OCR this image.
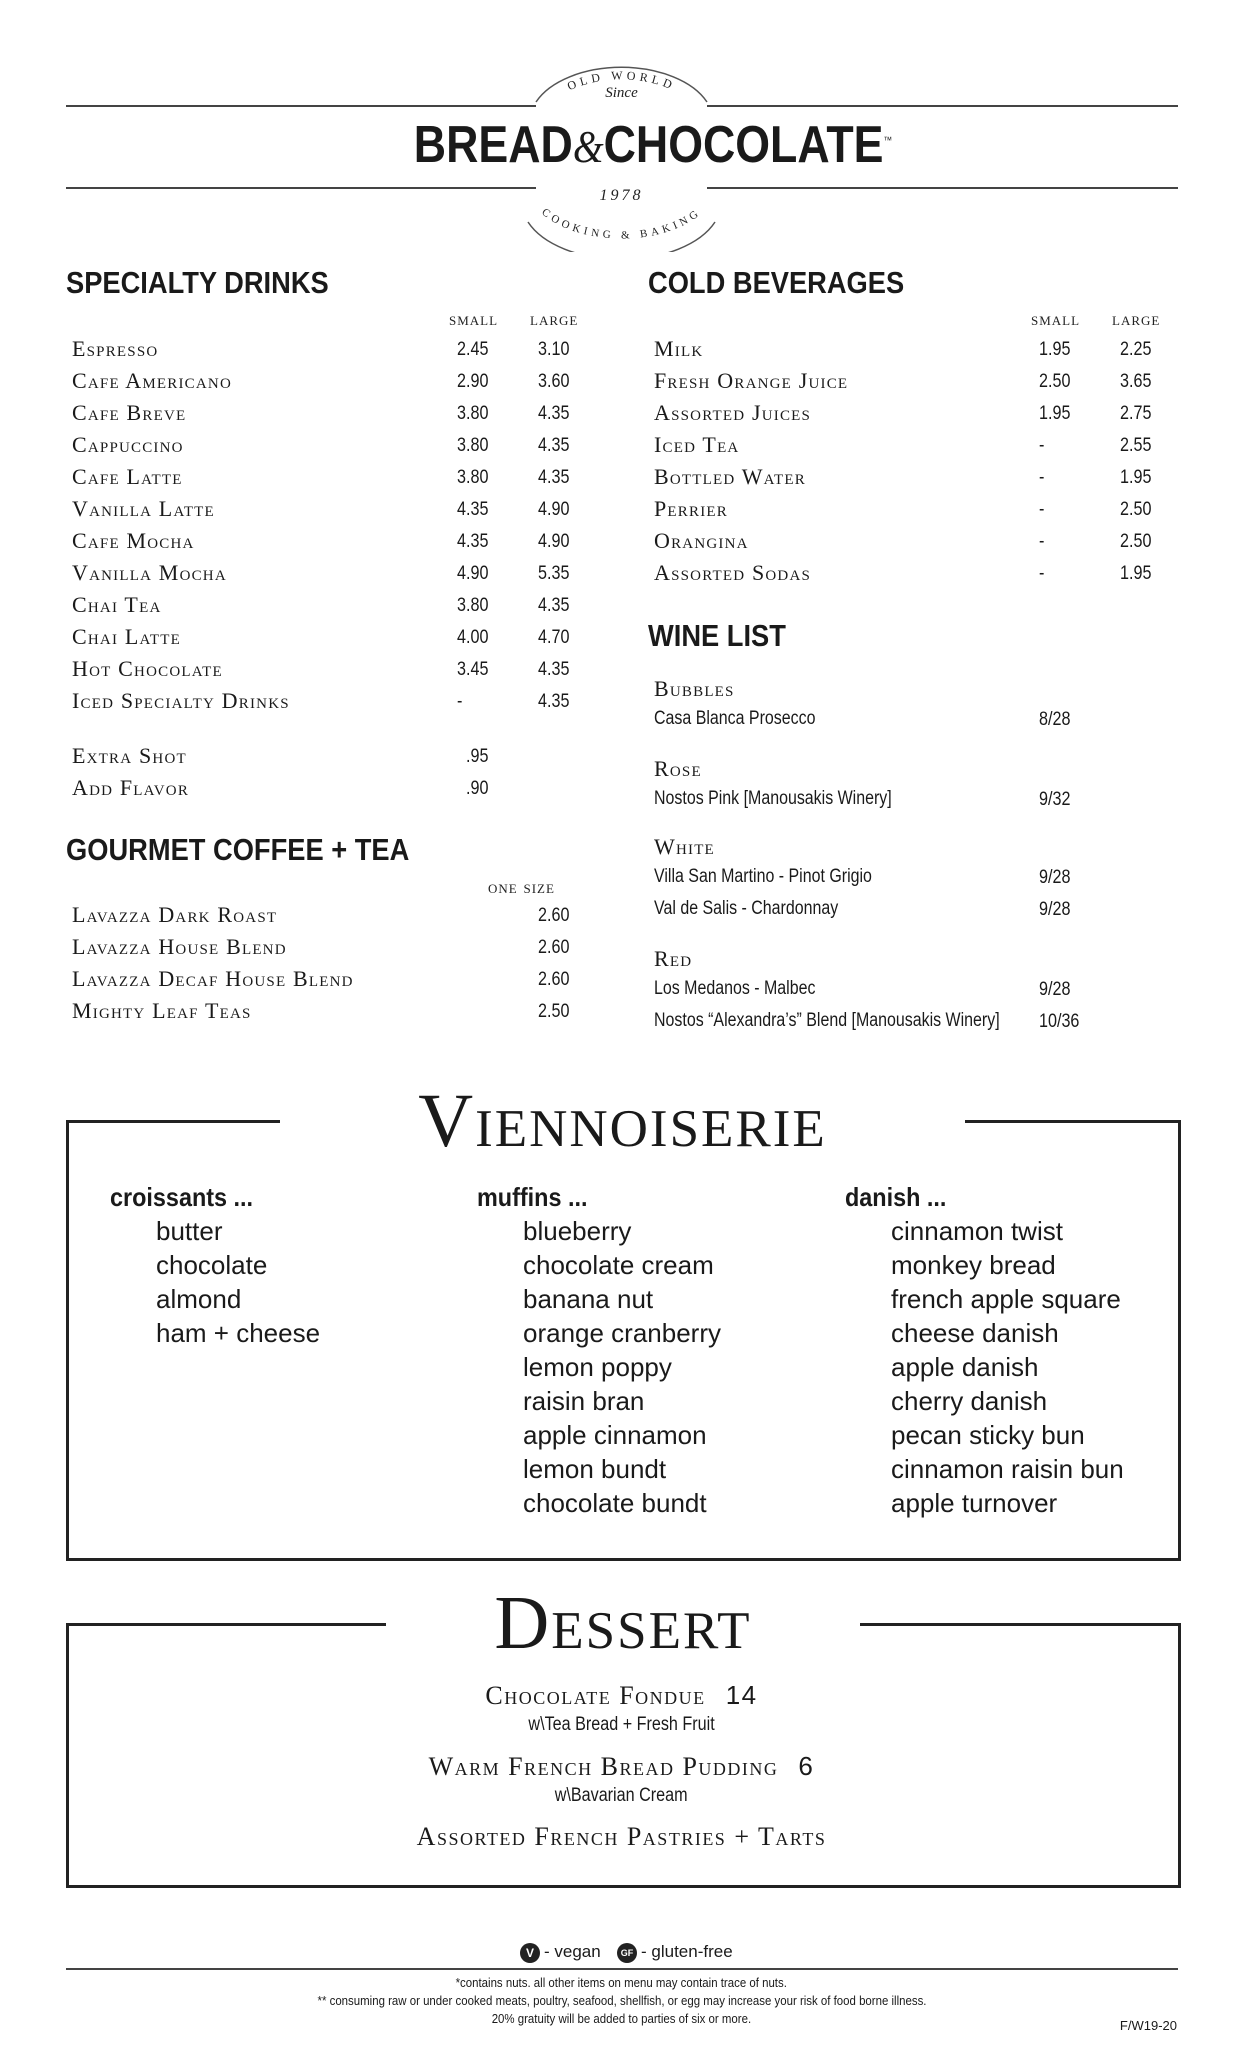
OLD WORLD
Since
1978
COOKING & BAKING
BREAD&CHOCOLATE™
SPECIALTY DRINKS
small large
Espresso	2.45	3.10
Cafe Americano	2.90	3.60
Cafe Breve	3.80	4.35
Cappuccino	3.80	4.35
Cafe Latte	3.80	4.35
Vanilla Latte	4.35	4.90
Cafe Mocha	4.35	4.90
Vanilla Mocha	4.90	5.35
Chai Tea	3.80	4.35
Chai Latte	4.00	4.70
Hot Chocolate	3.45	4.35
Iced Specialty Drinks	-	4.35
Extra Shot	.95
Add Flavor	.90
GOURMET COFFEE + TEA
one size
Lavazza Dark Roast	2.60
Lavazza House Blend	2.60
Lavazza Decaf House Blend	2.60
Mighty Leaf Teas	2.50
COLD BEVERAGES
small large
Milk	1.95	2.25
Fresh Orange Juice	2.50	3.65
Assorted Juices	1.95	2.75
Iced Tea	-	2.55
Bottled Water	-	1.95
Perrier	-	2.50
Orangina	-	2.50
Assorted Sodas	-	1.95
WINE LIST
Bubbles
Casa Blanca Prosecco	8/28
Rose
Nostos Pink [Manousakis Winery]	9/32
White
Villa San Martino - Pinot Grigio	9/28
Val de Salis - Chardonnay	9/28
Red
Los Medanos - Malbec	9/28
Nostos “Alexandra’s” Blend [Manousakis Winery] 10/36
Viennoiserie
croissants ...
butter
chocolate
almond
ham + cheese
muffins ...
blueberry
chocolate cream
banana nut
orange cranberry
lemon poppy
raisin bran
apple cinnamon
lemon bundt
chocolate bundt
danish ...
cinnamon twist
monkey bread
french apple square
cheese danish
apple danish
cherry danish
pecan sticky bun
cinnamon raisin bun
apple turnover
Dessert
Chocolate Fondue 14
w\Tea Bread + Fresh Fruit
Warm French Bread Pudding 6
w\Bavarian Cream
Assorted French Pastries + Tarts
V - vegan	GF - gluten-free
*contains nuts. all other items on menu may contain trace of nuts.
** consuming raw or under cooked meats, poultry, seafood, shellfish, or egg may increase your risk of food borne illness.
20% gratuity will be added to parties of six or more.	F/W19-20
